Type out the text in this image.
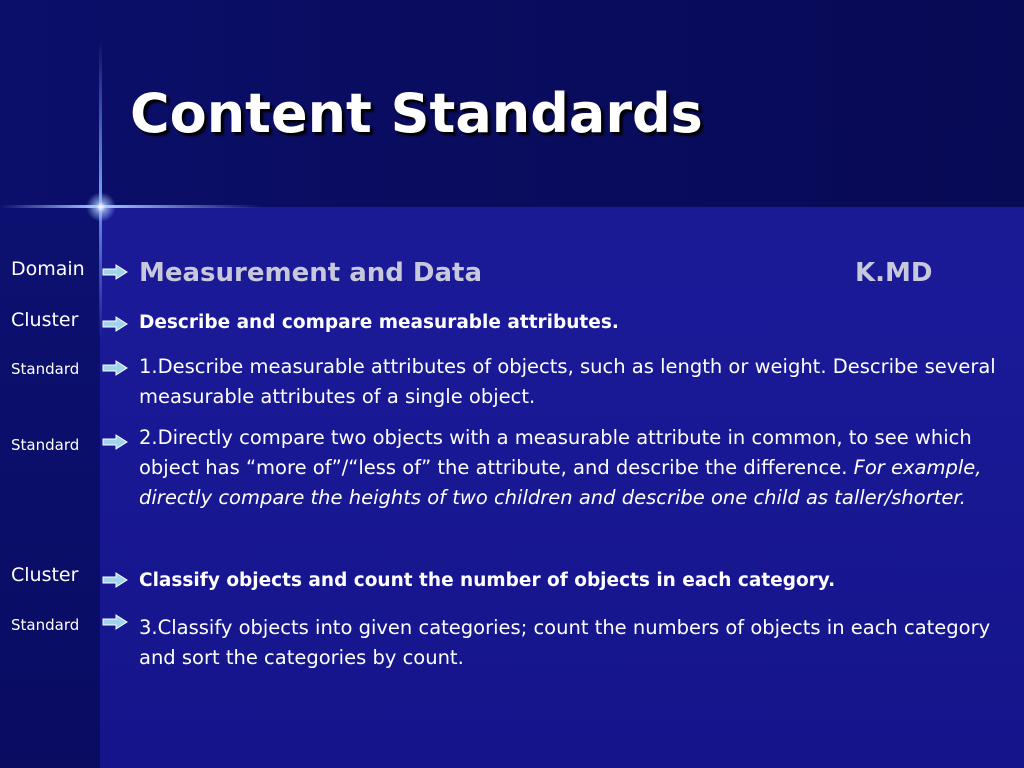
Content Standards
Domain Measurement and Data	K.MD
Cluster	Describe and compare measurable attributes.
Standard	1.Describe measurable attributes of objects, such as length or weight. Describe several measurable attributes of a single object.
Standard	2.Directly compare two objects with a measurable attribute in common, to see which object has “more of”/“less of” the attribute, and describe the difference. For example, directly compare the heights of two children and describe one child as taller/shorter.
Cluster	Classify objects and count the number of objects in each category.
Standard	3.Classify objects into given categories; count the numbers of objects in each category and sort the categories by count.
